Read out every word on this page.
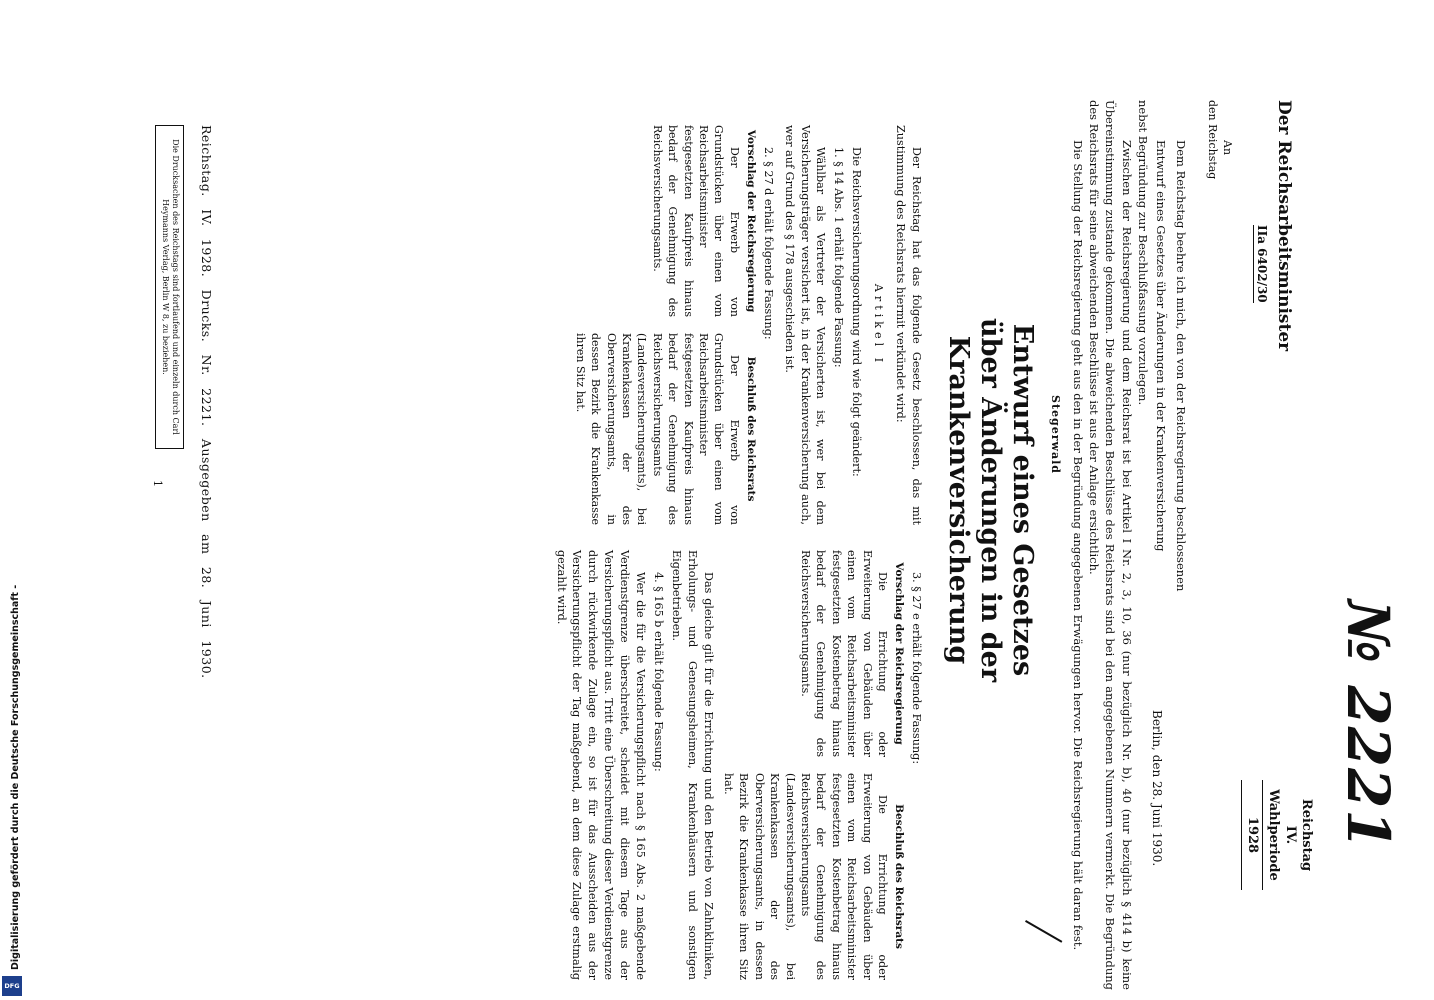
№ 2221
Reichstag
IV. Wahlperiode
1928
Der Reichsarbeitsminister
IIa 6402/30
An
den Reichstag
Berlin, den 28. Juni 1930.
Dem Reichstag beehre ich mich, den von der Reichsregierung beschlossenen
Entwurf eines Gesetzes über Änderungen in der Krankenversicherung
nebst Begründung zur Beschlußfassung vorzulegen.
Zwischen der Reichsregierung und dem Reichsrat ist bei Artikel I Nr. 2, 3, 10, 36 (nur bezüglich Nr. b), 40 (nur bezüglich § 414 b) keine Übereinstimmung zustande gekommen. Die abweichenden Beschlüsse des Reichsrats sind bei den angegebenen Nummern vermerkt. Die Begründung des Reichsrats für seine abweichenden Beschlüsse ist aus der Anlage ersichtlich.
Die Stellung der Reichsregierung geht aus den in der Begründung angegebenen Erwägungen hervor. Die Reichsregierung hält daran fest.
Stegerwald
Entwurf eines Gesetzes
über Änderungen in der Krankenversicherung

Der Reichstag hat das folgende Gesetz beschlossen, das mit Zustimmung des Reichsrats hiermit verkündet wird:

Artikel I

Die Reichsversicherungsordnung wird wie folgt geändert:

1. § 14 Abs. 1 erhält folgende Fassung:

Wählbar als Vertreter der Versicherten ist, wer bei dem Versicherungsträger versichert ist, in der Krankenversicherung auch, wer auf Grund des § 178 ausgeschieden ist.

2. § 27 d erhält folgende Fassung:

Vorschlag der Reichsregierung
Der Erwerb von Grundstücken über einen vom Reichsarbeitsminister festgesetzten Kaufpreis hinaus bedarf der Genehmigung des Reichsversicherungsamts.
Beschluß des Reichsrats
Der Erwerb von Grundstücken über einen vom Reichsarbeitsminister festgesetzten Kaufpreis hinaus bedarf der Genehmigung des Reichsversicherungsamts (Landesversicherungsamts), bei Krankenkassen der des Oberversicherungsamts, in dessen Bezirk die Krankenkasse ihren Sitz hat.

3. § 27 e erhält folgende Fassung:

Vorschlag der Reichsregierung
Die Errichtung oder Erweiterung von Gebäuden über einen vom Reichsarbeitsminister festgesetzten Kostenbetrag hinaus bedarf der Genehmigung des Reichsversicherungsamts.
Beschluß des Reichsrats
Die Errichtung oder Erweiterung von Gebäuden über einen vom Reichsarbeitsminister festgesetzten Kostenbetrag hinaus bedarf der Genehmigung des Reichsversicherungsamts (Landesversicherungsamts), bei Krankenkassen der des Oberversicherungsamts, in dessen Bezirk die Krankenkasse ihren Sitz hat.

Das gleiche gilt für die Errichtung und den Betrieb von Zahnkliniken, Erholungs- und Genesungsheimen, Krankenhäusern und sonstigen Eigenbetrieben.

4. § 165 b erhält folgende Fassung:

Wer die für die Versicherungspflicht nach § 165 Abs. 2 maßgebende Verdienstgrenze überschreitet, scheidet mit diesem Tage aus der Versicherungspflicht aus. Tritt eine Überschreitung dieser Verdienstgrenze durch rückwirkende Zulage ein, so ist für das Ausscheiden aus der Versicherungspflicht der Tag maßgebend, an dem diese Zulage erstmalig gezahlt wird.

Reichstag. IV. 1928. Drucks. Nr. 2221. Ausgegeben am 28. Juni 1930.
Die Drucksachen des Reichstags sind fortlaufend und einzeln durch Carl Heymanns Verlag, Berlin W 8, zu beziehen.
1
Digitalisierung gefördert durch die Deutsche Forschungsgemeinschaft -
DFG
